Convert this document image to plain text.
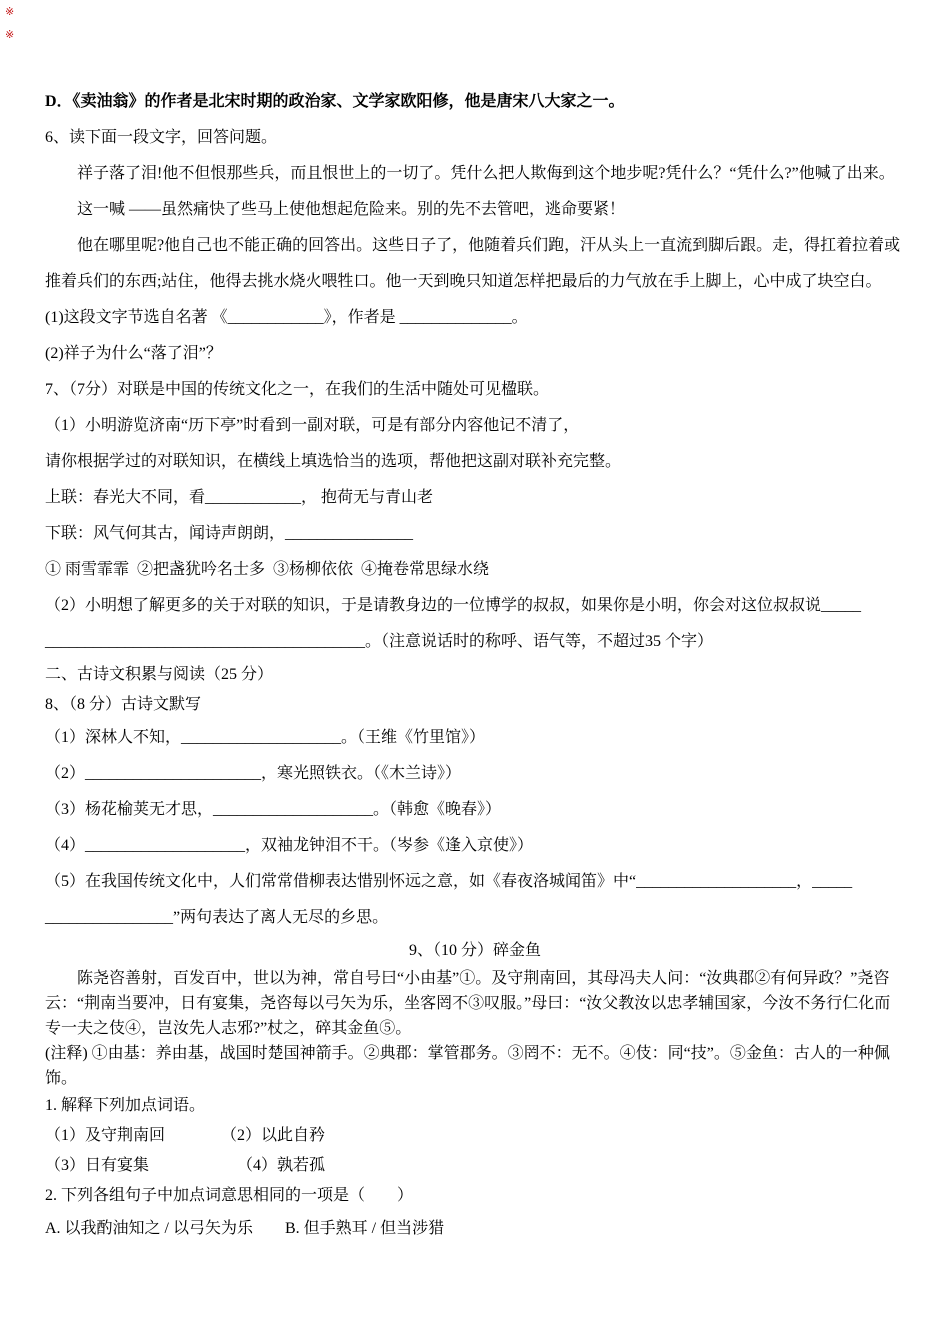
※
※

D．《卖油翁》的作者是北宋时期的政治家、文学家欧阳修，他是唐宋八大家之一。

6、读下面一段文字，回答问题。

祥子落了泪!他不但恨那些兵，而且恨世上的一切了。凭什么把人欺侮到这个地步呢?凭什么？“凭什么?”他喊了出来。

这一喊 ——虽然痛快了些马上使他想起危险来。别的先不去管吧，逃命要紧！

他在哪里呢?他自己也不能正确的回答出。这些日子了，他随着兵们跑，汗从头上一直流到脚后跟。走，得扛着拉着或推着兵们的东西;站住，他得去挑水烧火喂牲口。他一天到晚只知道怎样把最后的力气放在手上脚上，心中成了块空白。

(1)这段文字节选自名著 《____________》，作者是 ______________。

(2)祥子为什么“落了泪”？

7、（7分）对联是中国的传统文化之一，在我们的生活中随处可见楹联。

（1）小明游览济南“历下亭”时看到一副对联，可是有部分内容他记不清了，

请你根据学过的对联知识，在横线上填选恰当的选项，帮他把这副对联补充完整。

上联：春光大不同，看____________， 抱荷无与青山老

下联：风气何其古，闻诗声朗朗，________________

① 雨雪霏霏  ②把盏犹吟名士多  ③杨柳依依  ④掩卷常思绿水绕

（2）小明想了解更多的关于对联的知识，于是请教身边的一位博学的叔叔，如果你是小明，你会对这位叔叔说_____

________________________________________。（注意说话时的称呼、语气等，不超过35 个字）

二、古诗文积累与阅读（25 分）

8、（8 分）古诗文默写

（1）深林人不知，____________________。（王维《竹里馆》）

（2）______________________，寒光照铁衣。（《木兰诗》）

（3）杨花榆荚无才思，____________________。（韩愈《晚春》）

（4）____________________，双袖龙钟泪不干。（岑参《逢入京使》）

（5）在我国传统文化中，人们常常借柳表达惜别怀远之意，如《春夜洛城闻笛》中“____________________，_____

________________”两句表达了离人无尽的乡思。

9、（10 分）碎金鱼

陈尧咨善射，百发百中，世以为神，常自号曰“小由基”①。及守荆南回，其母冯夫人问：“汝典郡②有何异政？”尧咨云：“荆南当要冲，日有宴集，尧咨每以弓矢为乐，坐客罔不③叹服。”母曰：“汝父教汝以忠孝辅国家，今汝不务行仁化而专一夫之伎④，岂汝先人志邪?”杖之，碎其金鱼⑤。

(注释) ①由基：养由基，战国时楚国神箭手。②典郡：掌管郡务。③罔不：无不。④伎：同“技”。⑤金鱼：古人的一种佩饰。

1. 解释下列加点词语。

（1）及守荆南回　　　　（2）以此自矜

（3）日有宴集　　　　　　（4）孰若孤

2. 下列各组句子中加点词意思相同的一项是（　　）

A. 以我酌油知之 / 以弓矢为乐　　B. 但手熟耳 / 但当涉猎
